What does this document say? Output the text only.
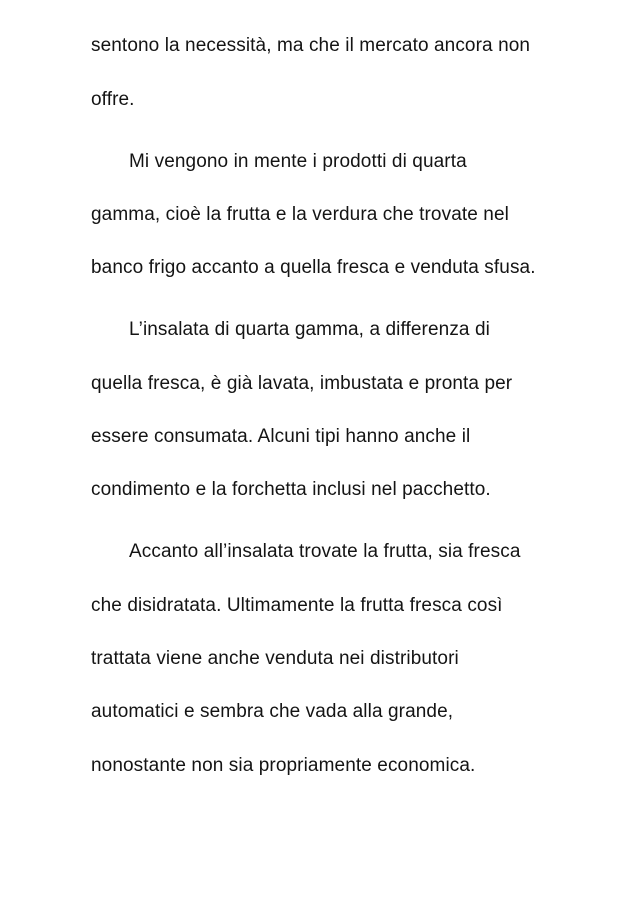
sentono la necessità, ma che il mercato ancora non
offre.
Mi vengono in mente i prodotti di quarta
gamma, cioè la frutta e la verdura che trovate nel
banco frigo accanto a quella fresca e venduta sfusa.
L’insalata di quarta gamma, a differenza di
quella fresca, è già lavata, imbustata e pronta per
essere consumata. Alcuni tipi hanno anche il
condimento e la forchetta inclusi nel pacchetto.
Accanto all’insalata trovate la frutta, sia fresca
che disidratata. Ultimamente la frutta fresca così
trattata viene anche venduta nei distributori
automatici e sembra che vada alla grande,
nonostante non sia propriamente economica.
